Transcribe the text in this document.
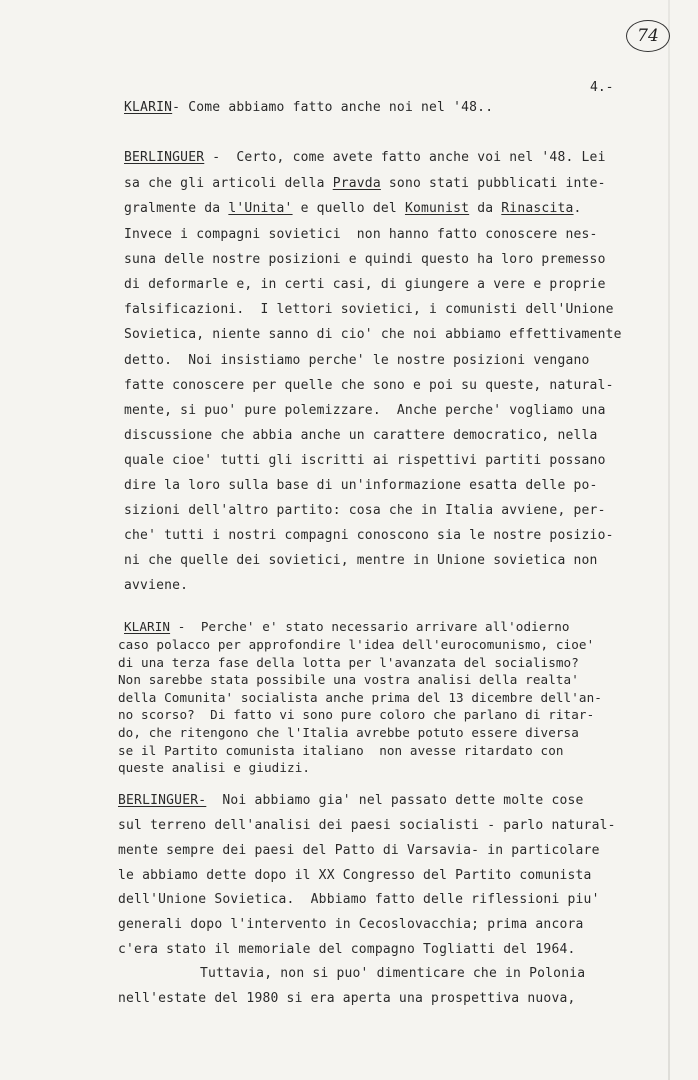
74
4.-
KLARIN- Come abbiamo fatto anche noi nel '48..
BERLINGUER -  Certo, come avete fatto anche voi nel '48. Lei
sa che gli articoli della Pravda sono stati pubblicati inte-
gralmente da l'Unita' e quello del Komunist da Rinascita.
Invece i compagni sovietici  non hanno fatto conoscere nes-
suna delle nostre posizioni e quindi questo ha loro premesso
di deformarle e, in certi casi, di giungere a vere e proprie
falsificazioni.  I lettori sovietici, i comunisti dell'Unione
Sovietica, niente sanno di cio' che noi abbiamo effettivamente
detto.  Noi insistiamo perche' le nostre posizioni vengano
fatte conoscere per quelle che sono e poi su queste, natural-
mente, si puo' pure polemizzare.  Anche perche' vogliamo una
discussione che abbia anche un carattere democratico, nella
quale cioe' tutti gli iscritti ai rispettivi partiti possano
dire la loro sulla base di un'informazione esatta delle po-
sizioni dell'altro partito: cosa che in Italia avviene, per-
che' tutti i nostri compagni conoscono sia le nostre posizio-
ni che quelle dei sovietici, mentre in Unione sovietica non
avviene.
KLARIN -  Perche' e' stato necessario arrivare all'odierno
caso polacco per approfondire l'idea dell'eurocomunismo, cioe'
di una terza fase della lotta per l'avanzata del socialismo?
Non sarebbe stata possibile una vostra analisi della realta'
della Comunita' socialista anche prima del 13 dicembre dell'an-
no scorso?  Di fatto vi sono pure coloro che parlano di ritar-
do, che ritengono che l'Italia avrebbe potuto essere diversa
se il Partito comunista italiano  non avesse ritardato con
queste analisi e giudizi.
BERLINGUER-  Noi abbiamo gia' nel passato dette molte cose
sul terreno dell'analisi dei paesi socialisti - parlo natural-
mente sempre dei paesi del Patto di Varsavia- in particolare
le abbiamo dette dopo il XX Congresso del Partito comunista
dell'Unione Sovietica.  Abbiamo fatto delle riflessioni piu'
generali dopo l'intervento in Cecoslovacchia; prima ancora
c'era stato il memoriale del compagno Togliatti del 1964.
Tuttavia, non si puo' dimenticare che in Polonia
nell'estate del 1980 si era aperta una prospettiva nuova,
